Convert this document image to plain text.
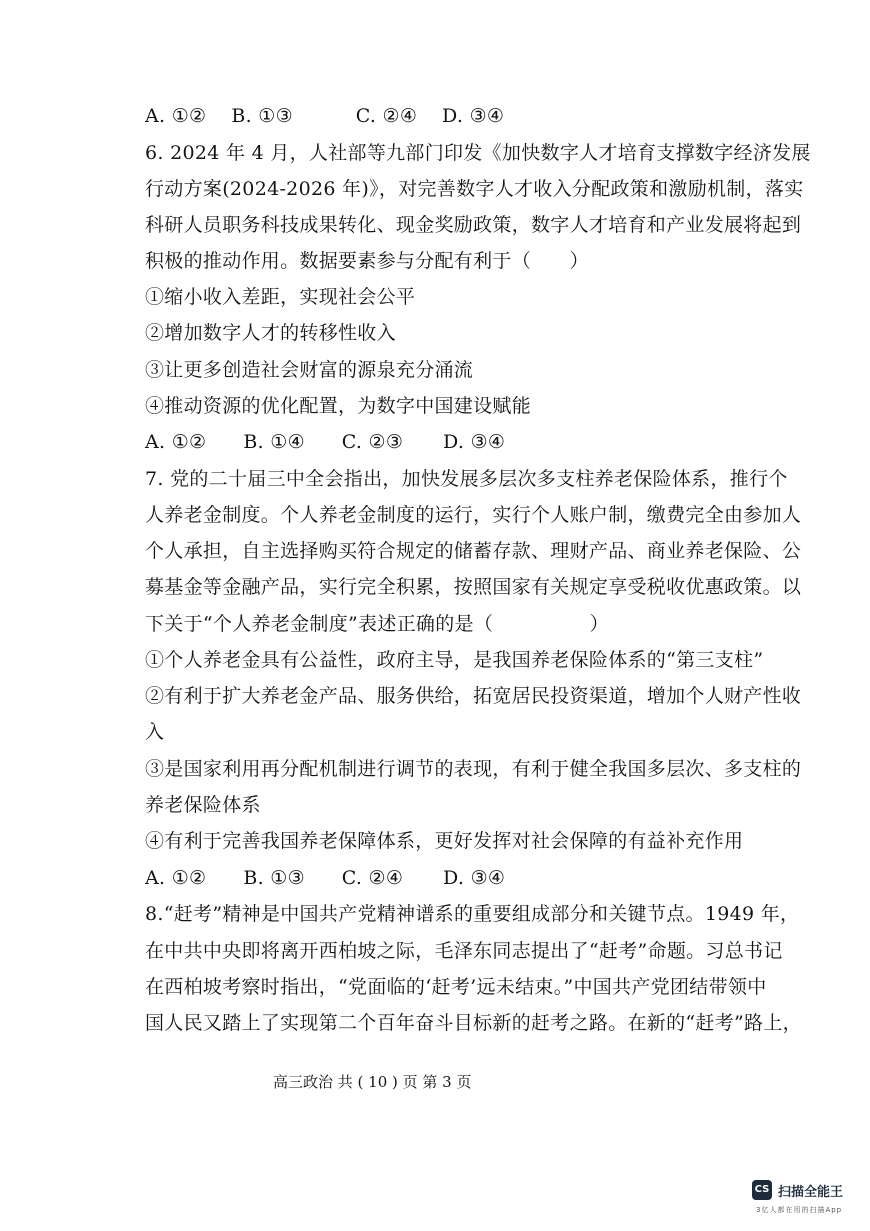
A. ①② B. ①③	C. ②④ D. ③④
6. 2024 年 4 月，人社部等九部门印发《加快数字人才培育支撑数字经济发展
行动方案(2024-2026 年)》，对完善数字人才收入分配政策和激励机制，落实
科研人员职务科技成果转化、现金奖励政策，数字人才培育和产业发展将起到
积极的推动作用。数据要素参与分配有利于（　　）
①缩小收入差距，实现社会公平
②增加数字人才的转移性收入
③让更多创造社会财富的源泉充分涌流
④推动资源的优化配置，为数字中国建设赋能
A. ①② B. ①④ C. ②③ D. ③④
7. 党的二十届三中全会指出，加快发展多层次多支柱养老保险体系，推行个
人养老金制度。个人养老金制度的运行，实行个人账户制，缴费完全由参加人
个人承担，自主选择购买符合规定的储蓄存款、理财产品、商业养老保险、公
募基金等金融产品，实行完全积累，按照国家有关规定享受税收优惠政策。以
下关于“个人养老金制度”表述正确的是（　　　　　）
①个人养老金具有公益性，政府主导，是我国养老保险体系的“第三支柱”
②有利于扩大养老金产品、服务供给，拓宽居民投资渠道，增加个人财产性收
入
③是国家利用再分配机制进行调节的表现，有利于健全我国多层次、多支柱的
养老保险体系
④有利于完善我国养老保障体系，更好发挥对社会保障的有益补充作用
A. ①② B. ①③ C. ②④ D. ③④
8.“赶考”精神是中国共产党精神谱系的重要组成部分和关键节点。1949 年，
在中共中央即将离开西柏坡之际，毛泽东同志提出了“赶考”命题。习总书记
在西柏坡考察时指出，“党面临的‘赶考’远未结束。”中国共产党团结带领中
国人民又踏上了实现第二个百年奋斗目标新的赶考之路。在新的“赶考”路上，
高三政治 共 ( 10 ) 页 第 3 页
CS 扫描全能王
3亿人都在用的扫描App
